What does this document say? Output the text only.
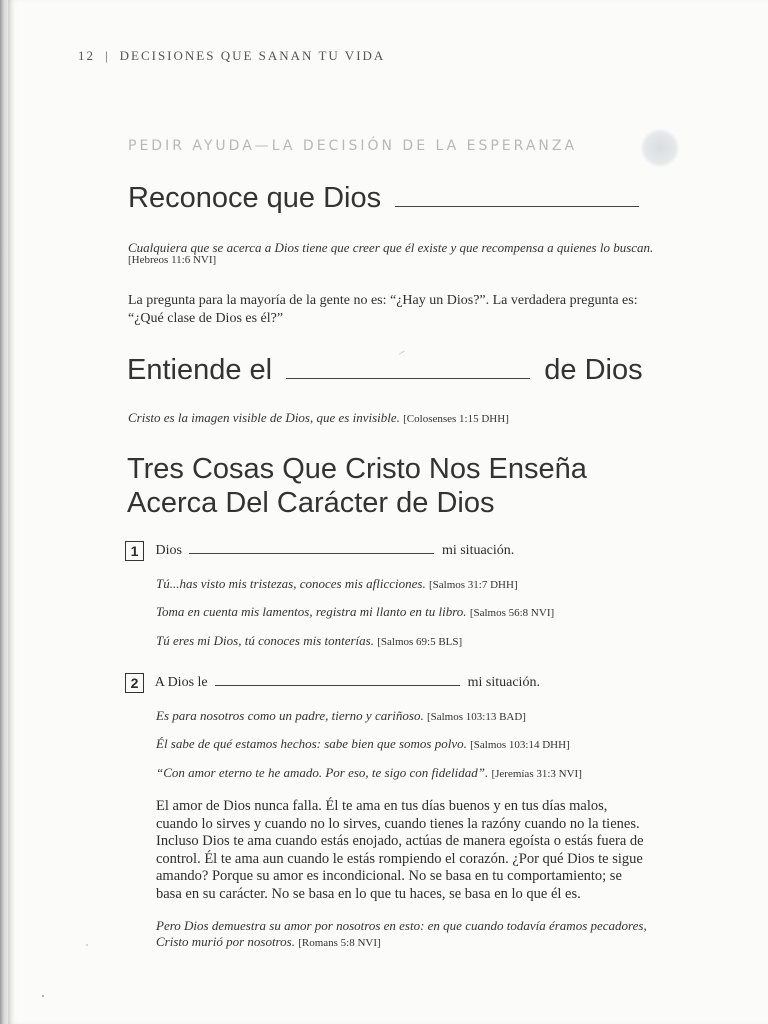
12 | DECISIONES QUE SANAN TU VIDA
PEDIR AYUDA—LA DECISIÓN DE LA ESPERANZA
Reconoce que Dios
Cualquiera que se acerca a Dios tiene que creer que él existe y que recompensa a quienes lo buscan.
[Hebreos 11:6 NVI]
La pregunta para la mayoría de la gente no es: “¿Hay un Dios?”. La verdadera pregunta es:
“¿Qué clase de Dios es él?”
Entiende el	de Dios
Cristo es la imagen visible de Dios, que es invisible. [Colosenses 1:15 DHH]
Tres Cosas Que Cristo Nos Enseña
Acerca Del Carácter de Dios
1 Dios	mi situación.
Tú...has visto mis tristezas, conoces mis aflicciones. [Salmos 31:7 DHH]
Toma en cuenta mis lamentos, registra mi llanto en tu libro. [Salmos 56:8 NVI]
Tú eres mi Dios, tú conoces mis tonterías. [Salmos 69:5 BLS]
2 A Dios le	mi situación.
Es para nosotros como un padre, tierno y cariñoso. [Salmos 103:13 BAD]
Él sabe de qué estamos hechos: sabe bien que somos polvo. [Salmos 103:14 DHH]
“Con amor eterno te he amado. Por eso, te sigo con fidelidad”. [Jeremías 31:3 NVI]
El amor de Dios nunca falla. Él te ama en tus días buenos y en tus días malos,
cuando lo sirves y cuando no lo sirves, cuando tienes la razóny cuando no la tienes.
Incluso Dios te ama cuando estás enojado, actúas de manera egoísta o estás fuera de
control. Él te ama aun cuando le estás rompiendo el corazón. ¿Por qué Dios te sigue
amando? Porque su amor es incondicional. No se basa en tu comportamiento; se
basa en su carácter. No se basa en lo que tu haces, se basa en lo que él es.
Pero Dios demuestra su amor por nosotros en esto: en que cuando todavía éramos pecadores,
Cristo murió por nosotros. [Romans 5:8 NVI]
